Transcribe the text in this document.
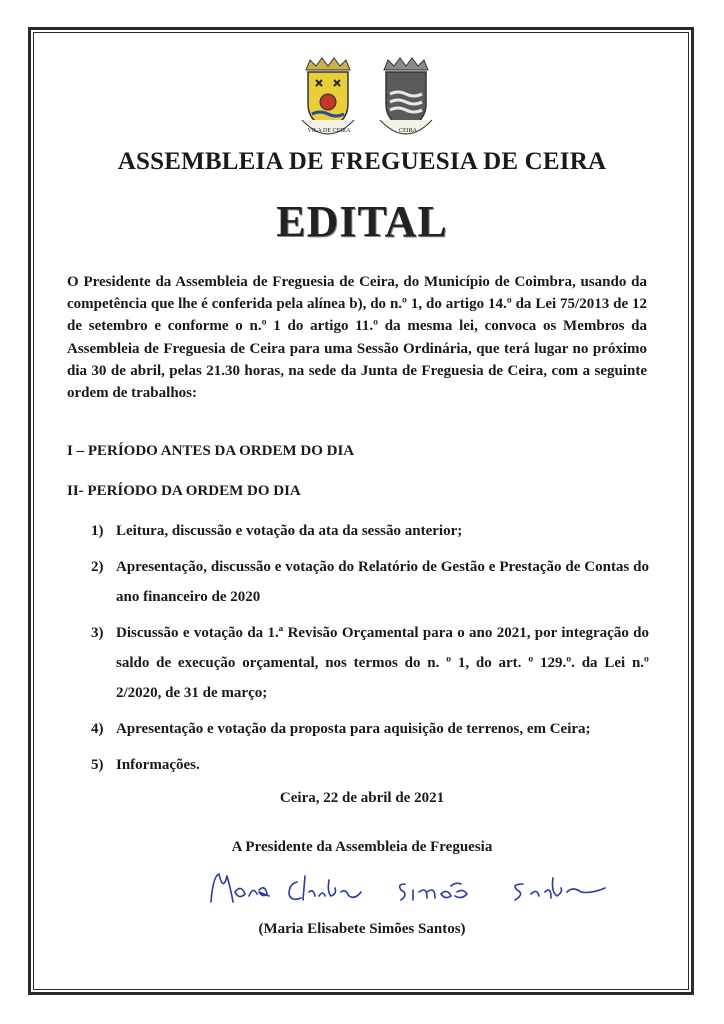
VILA DE CEIRA	CEIRA
ASSEMBLEIA DE FREGUESIA DE CEIRA
EDITAL
O Presidente da Assembleia de Freguesia de Ceira, do Município de Coimbra, usando da competência que lhe é conferida pela alínea b), do n.º 1, do artigo 14.º da Lei 75/2013 de 12 de setembro e conforme o n.º 1 do artigo 11.º da mesma lei, convoca os Membros da Assembleia de Freguesia de Ceira para uma Sessão Ordinária, que terá lugar no próximo dia 30 de abril, pelas 21.30 horas, na sede da Junta de Freguesia de Ceira, com a seguinte ordem de trabalhos:
I – PERÍODO ANTES DA ORDEM DO DIA
II- PERÍODO DA ORDEM DO DIA
1) Leitura, discussão e votação da ata da sessão anterior;
2) Apresentação, discussão e votação do Relatório de Gestão e Prestação de Contas do ano financeiro de 2020
3) Discussão e votação da 1.ª Revisão Orçamental para o ano 2021, por integração do saldo de execução orçamental, nos termos do n. º 1, do art. º 129.º. da Lei n.º 2/2020, de 31 de março;
4) Apresentação e votação da proposta para aquisição de terrenos, em Ceira;
5) Informações.
Ceira, 22 de abril de 2021
A Presidente da Assembleia de Freguesia
(Maria Elisabete Simões Santos)
